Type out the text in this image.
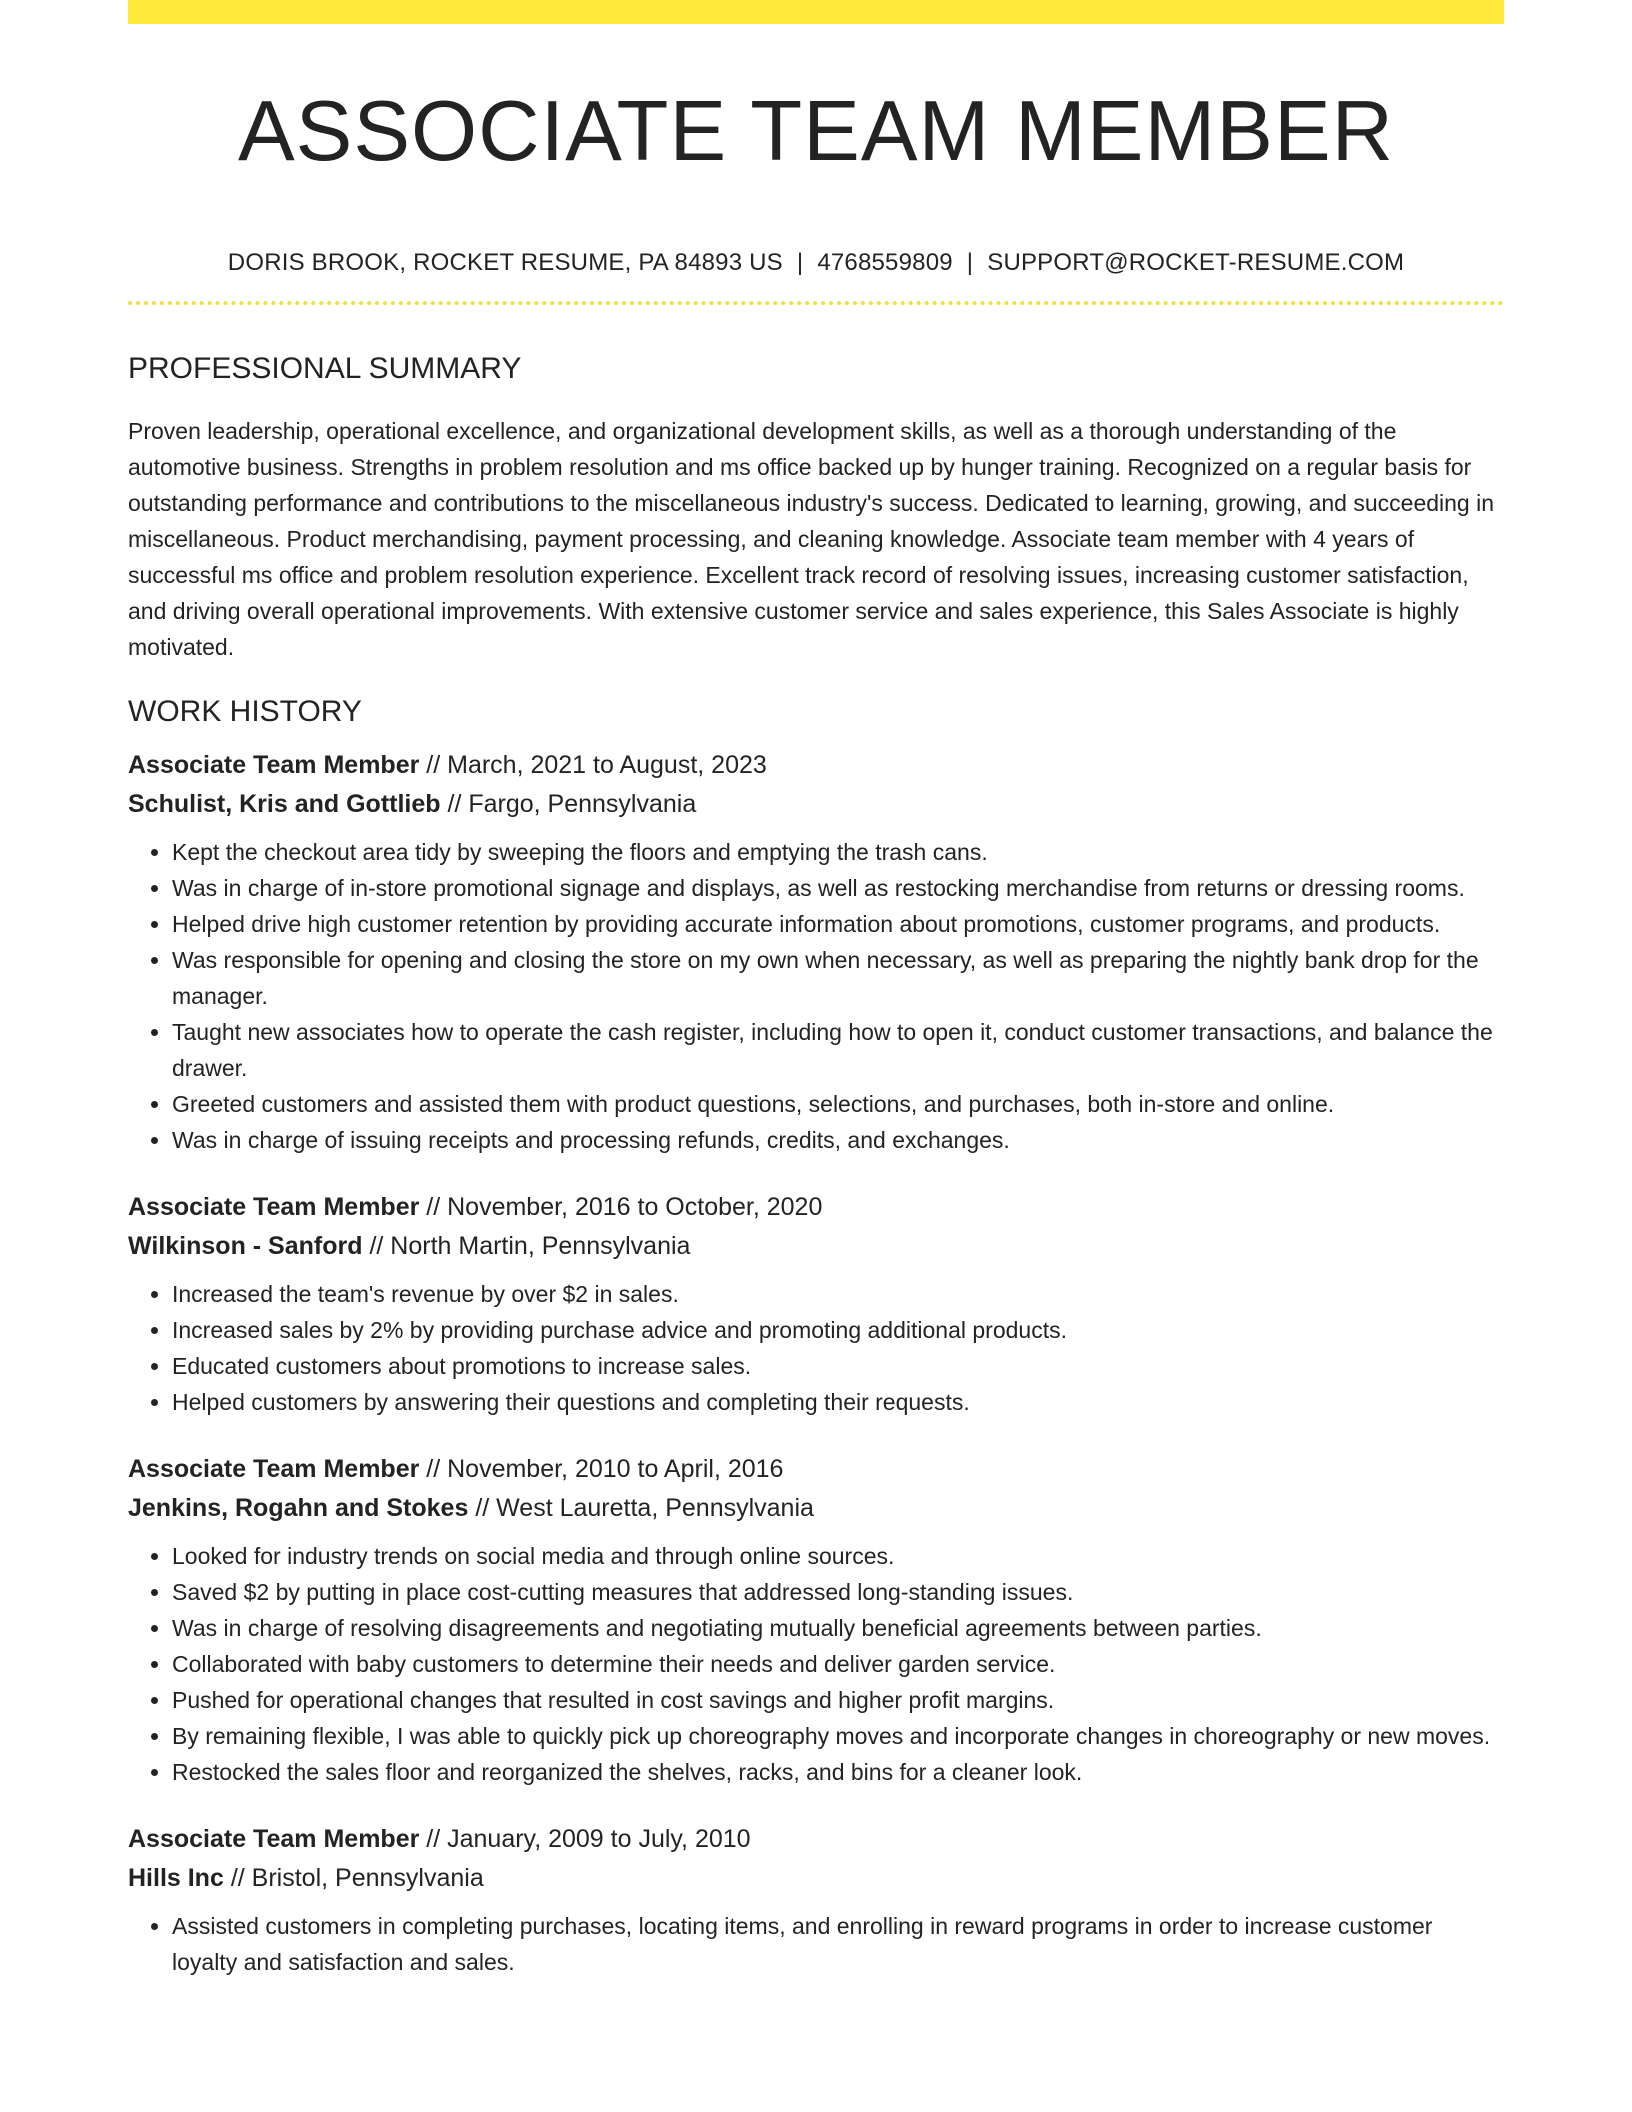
ASSOCIATE TEAM MEMBER
DORIS BROOK, ROCKET RESUME, PA 84893 US | 4768559809 | SUPPORT@ROCKET-RESUME.COM
PROFESSIONAL SUMMARY

Proven leadership, operational excellence, and organizational development skills, as well as a thorough understanding of the automotive business. Strengths in problem resolution and ms office backed up by hunger training. Recognized on a regular basis for outstanding performance and contributions to the miscellaneous industry's success. Dedicated to learning, growing, and succeeding in miscellaneous. Product merchandising, payment processing, and cleaning knowledge. Associate team member with 4 years of successful ms office and problem resolution experience. Excellent track record of resolving issues, increasing customer satisfaction, and driving overall operational improvements. With extensive customer service and sales experience, this Sales Associate is highly motivated.

WORK HISTORY
Associate Team Member // March, 2021 to August, 2023
Schulist, Kris and Gottlieb // Fargo, Pennsylvania
• Kept the checkout area tidy by sweeping the floors and emptying the trash cans.
• Was in charge of in-store promotional signage and displays, as well as restocking merchandise from returns or dressing rooms.
• Helped drive high customer retention by providing accurate information about promotions, customer programs, and products.
• Was responsible for opening and closing the store on my own when necessary, as well as preparing the nightly bank drop for the manager.
• Taught new associates how to operate the cash register, including how to open it, conduct customer transactions, and balance the drawer.
• Greeted customers and assisted them with product questions, selections, and purchases, both in-store and online.
• Was in charge of issuing receipts and processing refunds, credits, and exchanges.
Associate Team Member // November, 2016 to October, 2020
Wilkinson - Sanford // North Martin, Pennsylvania
• Increased the team's revenue by over $2 in sales.
• Increased sales by 2% by providing purchase advice and promoting additional products.
• Educated customers about promotions to increase sales.
• Helped customers by answering their questions and completing their requests.
Associate Team Member // November, 2010 to April, 2016
Jenkins, Rogahn and Stokes // West Lauretta, Pennsylvania
• Looked for industry trends on social media and through online sources.
• Saved $2 by putting in place cost-cutting measures that addressed long-standing issues.
• Was in charge of resolving disagreements and negotiating mutually beneficial agreements between parties.
• Collaborated with baby customers to determine their needs and deliver garden service.
• Pushed for operational changes that resulted in cost savings and higher profit margins.
• By remaining flexible, I was able to quickly pick up choreography moves and incorporate changes in choreography or new moves.
• Restocked the sales floor and reorganized the shelves, racks, and bins for a cleaner look.
Associate Team Member // January, 2009 to July, 2010
Hills Inc // Bristol, Pennsylvania
• Assisted customers in completing purchases, locating items, and enrolling in reward programs in order to increase customer loyalty and satisfaction and sales.
